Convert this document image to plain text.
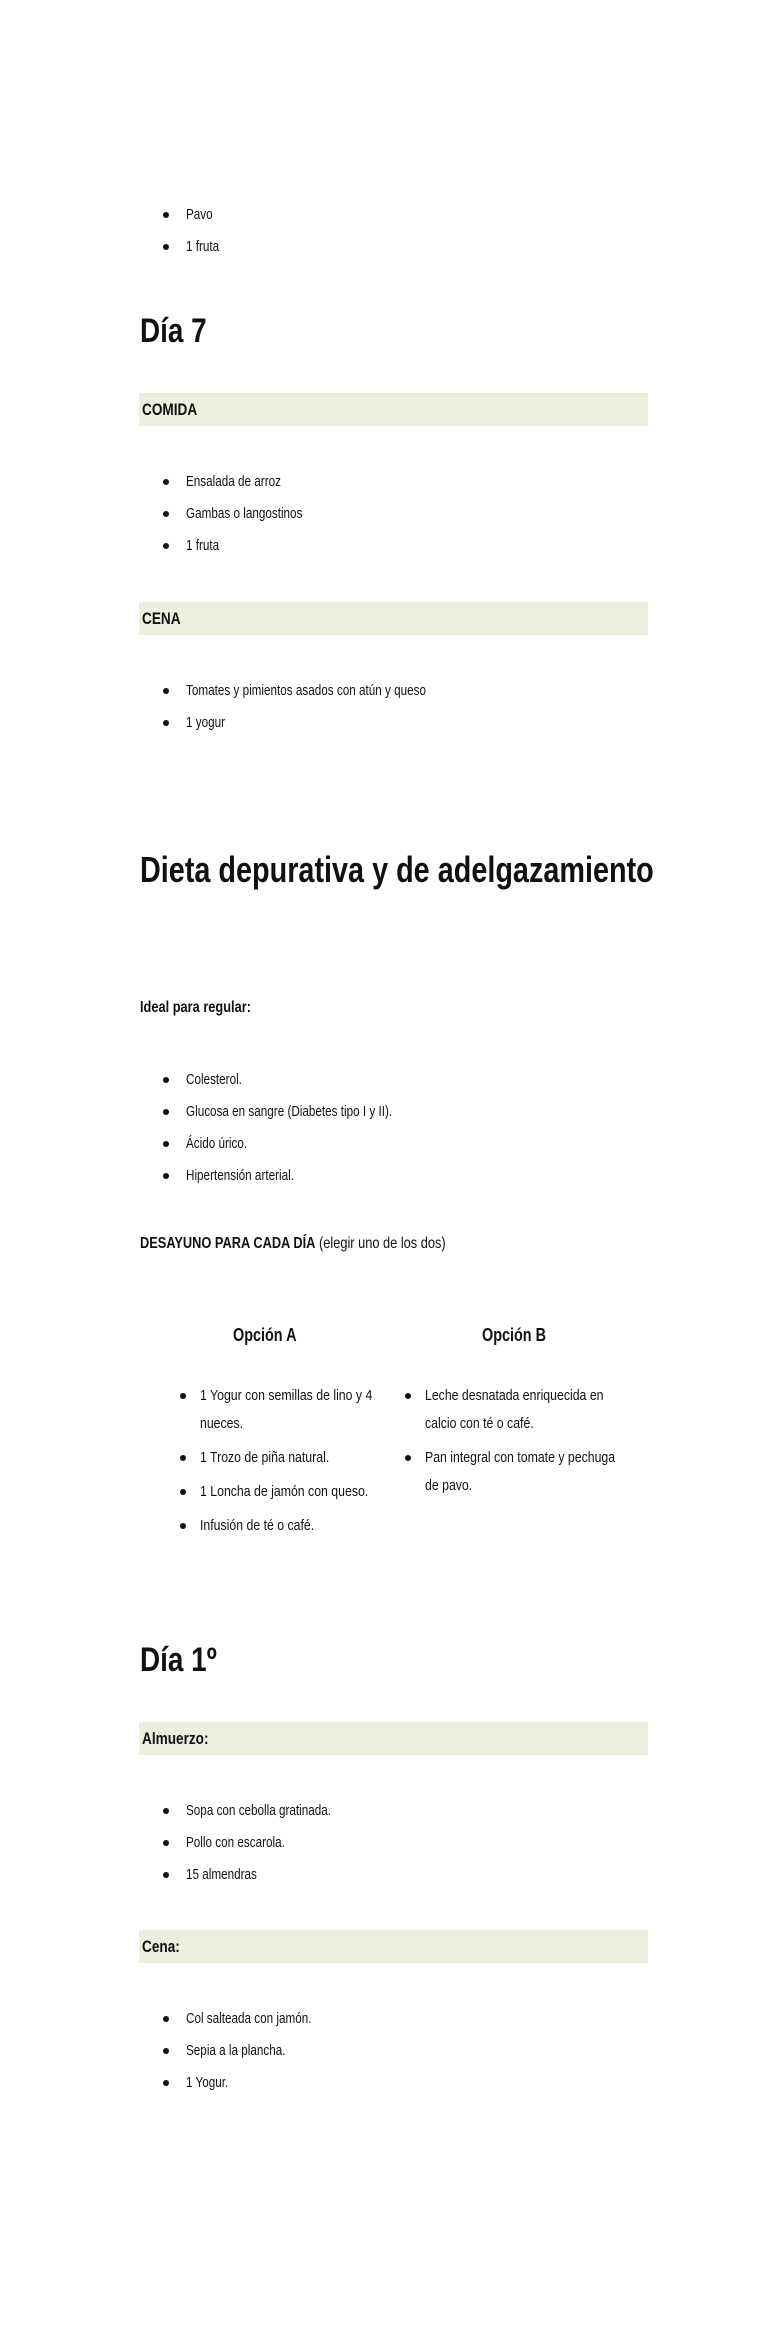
Pavo
1 fruta
Día 7
COMIDA
Ensalada de arroz
Gambas o langostinos
1 fruta
CENA
Tomates y pimientos asados con atún y queso
1 yogur
Dieta depurativa y de adelgazamiento
Ideal para regular:
Colesterol.
Glucosa en sangre (Diabetes tipo I y II).
Ácido úrico.
Hipertensión arterial.
DESAYUNO PARA CADA DÍA (elegir uno de los dos)
Opción A	Opción B
1 Yogur con semillas de lino y 4 nueces.
1 Trozo de piña natural.
1 Loncha de jamón con queso.
Infusión de té o café.
Leche desnatada enriquecida en calcio con té o café.
Pan integral con tomate y pechuga de pavo.
Día 1º
Almuerzo:
Sopa con cebolla gratinada.
Pollo con escarola.
15 almendras
Cena:
Col salteada con jamón.
Sepia a la plancha.
1 Yogur.
